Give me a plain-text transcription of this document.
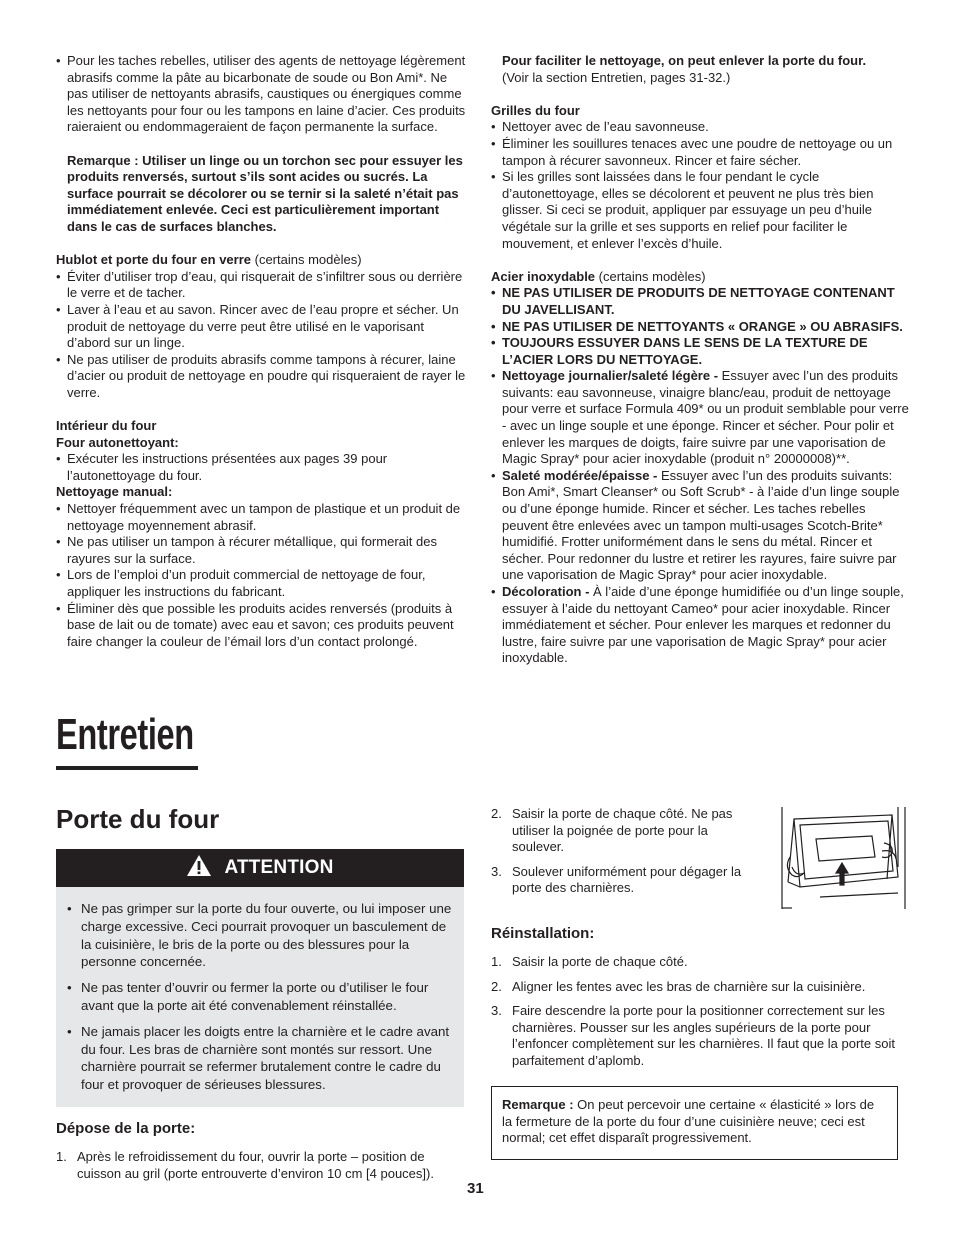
• Pour les taches rebelles, utiliser des agents de nettoyage légèrement abrasifs comme la pâte au bicarbonate de soude ou Bon Ami*. Ne pas utiliser de nettoyants abrasifs, caustiques ou énergiques comme les nettoyants pour four ou les tampons en laine d’acier. Ces produits raieraient ou endommageraient de façon permanente la surface.

Remarque : Utiliser un linge ou un torchon sec pour essuyer les produits renversés, surtout s’ils sont acides ou sucrés. La surface pourrait se décolorer ou se ternir si la saleté n’était pas immédiatement enlevée. Ceci est particulièrement important dans le cas de surfaces blanches.

Hublot et porte du four en verre (certains modèles)

• Éviter d’utiliser trop d’eau, qui risquerait de s’infiltrer sous ou derrière le verre et de tacher.
• Laver à l’eau et au savon. Rincer avec de l’eau propre et sécher. Un produit de nettoyage du verre peut être utilisé en le vaporisant d’abord sur un linge.
• Ne pas utiliser de produits abrasifs comme tampons à récurer, laine d’acier ou produit de nettoyage en poudre qui risqueraient de rayer le verre.

Intérieur du four

Four autonettoyant:

• Exécuter les instructions présentées aux pages 39 pour l’autonettoyage du four.

Nettoyage manual:

• Nettoyer fréquemment avec un tampon de plastique et un produit de nettoyage moyennement abrasif.
• Ne pas utiliser un tampon à récurer métallique, qui formerait des rayures sur la surface.
• Lors de l’emploi d’un produit commercial de nettoyage de four, appliquer les instructions du fabricant.
• Éliminer dès que possible les produits acides renversés (produits à base de lait ou de tomate) avec eau et savon; ces produits peuvent faire changer la couleur de l’émail lors d’un contact prolongé.

Pour faciliter le nettoyage, on peut enlever la porte du four.

(Voir la section Entretien, pages 31-32.)

Grilles du four

• Nettoyer avec de l’eau savonneuse.
• Éliminer les souillures tenaces avec une poudre de nettoyage ou un tampon à récurer savonneux. Rincer et faire sécher.
• Si les grilles sont laissées dans le four pendant le cycle d’autonettoyage, elles se décolorent et peuvent ne plus très bien glisser. Si ceci se produit, appliquer par essuyage un peu d’huile végétale sur la grille et ses supports en relief pour faciliter le mouvement, et enlever l’excès d’huile.

Acier inoxydable (certains modèles)

• NE PAS UTILISER DE PRODUITS DE NETTOYAGE CONTENANT DU JAVELLISANT.
• NE PAS UTILISER DE NETTOYANTS « ORANGE » OU ABRASIFS.
• TOUJOURS ESSUYER DANS LE SENS DE LA TEXTURE DE L’ACIER LORS DU NETTOYAGE.
• Nettoyage journalier/saleté légère - Essuyer avec l’un des produits suivants: eau savonneuse, vinaigre blanc/eau, produit de nettoyage pour verre et surface Formula 409* ou un produit semblable pour verre - avec un linge souple et une éponge. Rincer et sécher. Pour polir et enlever les marques de doigts, faire suivre par une vaporisation de Magic Spray* pour acier inoxydable (produit n° 20000008)**.
• Saleté modérée/épaisse - Essuyer avec l’un des produits suivants: Bon Ami*, Smart Cleanser* ou Soft Scrub* - à l’aide d’un linge souple ou d’une éponge humide. Rincer et sécher. Les taches rebelles peuvent être enlevées avec un tampon multi-usages Scotch-Brite* humidifié. Frotter uniformément dans le sens du métal. Rincer et sécher. Pour redonner du lustre et retirer les rayures, faire suivre par une vaporisation de Magic Spray* pour acier inoxydable.
• Décoloration - À l’aide d’une éponge humidifiée ou d’un linge souple, essuyer à l’aide du nettoyant Cameo* pour acier inoxydable. Rincer immédiatement et sécher. Pour enlever les marques et redonner du lustre, faire suivre par une vaporisation de Magic Spray* pour acier inoxydable.
Entretien
Porte du four
ATTENTION
• Ne pas grimper sur la porte du four ouverte, ou lui imposer une charge excessive. Ceci pourrait provoquer un basculement de la cuisinière, le bris de la porte ou des blessures pour la personne concernée.
• Ne pas tenter d’ouvrir ou fermer la porte ou d’utiliser le four avant que la porte ait été convenablement réinstallée.
• Ne jamais placer les doigts entre la charnière et le cadre avant du four. Les bras de charnière sont montés sur ressort. Une charnière pourrait se refermer brutalement contre le cadre du four et provoquer de sérieuses blessures.
Dépose de la porte:
1. Après le refroidissement du four, ouvrir la porte – position de cuisson au gril (porte entrouverte d’environ 10 cm [4 pouces]).
2. Saisir la porte de chaque côté. Ne pas utiliser la poignée de porte pour la soulever.
3. Soulever uniformément pour dégager la porte des charnières.
Réinstallation:
1. Saisir la porte de chaque côté.
2. Aligner les fentes avec les bras de charnière sur la cuisinière.
3. Faire descendre la porte pour la positionner correctement sur les charnières. Pousser sur les angles supérieurs de la porte pour l’enfoncer complètement sur les charnières. Il faut que la porte soit parfaitement d’aplomb.

Remarque : On peut percevoir une certaine « élasticité » lors de la fermeture de la porte du four d’une cuisinière neuve; ceci est normal; cet effet disparaît progressivement.

31
